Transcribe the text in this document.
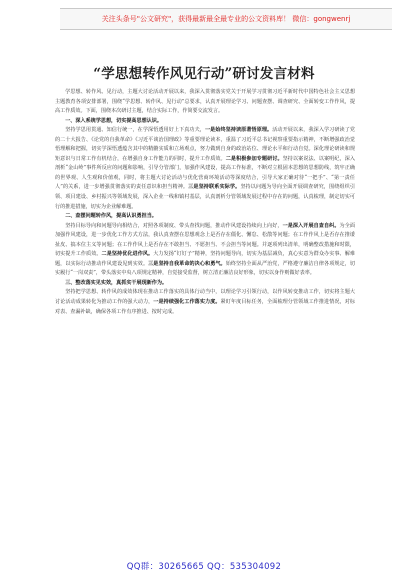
关注头条号"公文研究"，获得最新最全最专业的公文资料库！ 微信：gongwenrj
“学思想转作风见行动”研讨发言材料

学思想、转作风、见行动，主题大讨论活动开展以来，我深入贯彻落实党关于开展学习贯彻习近平新时代中国特色社会主义思想主题教育各项安排部署，围绕“学思想、转作风、见行动”总要求，认真开展理论学习、问题查摆、调查研究、全面转变工作作风，提高工作质效。下面，围绕本次研讨主题，结合实际工作，作简要交流发言。

一、深入系统学思想，切实提高思想认识。

坚持学思用贯通、知信行统一，在学深悟透用好上下真功夫，一是始终坚持读原著悟原理。活动开展以来，我深入学习研读了党的二十大报告、《论党的自我革命》《习近平谈治国理政》等重要理论读本，重温了习近平总书记视察重要指示精神，不断增强政治觉悟理解和把握，切实学深悟透蕴含其中的精髓实质和立场观点，努力做到自身的政治站位、理论水平和行动自觉。深化理论研读和规矩意识与日常工作有机结合，在增强自身工作能力的同时，提升工作质效。二是积极参加专题研讨。坚持以案说法、以案明纪，深入剖析“金山岭”事件所反应的问题和影响，引导分管部门，加强作风建设，提高工作标准，不断对立根固本思想的思想防线，筑牢正确的世界观、人生观和价值观，同时，将主题大讨论活动与优化营商环境活动等深度结合，引导大家正确对待“一把手”、“第一责任人”的关系，进一步增强贯彻落实的责任意识和担当精神。三是坚持联系实际学。坚持以问题为导向全面开展调查研究，围绕组织引领、项目建设、乡村振兴等领域发展，深入企业一线和镇村基层，认真剖析分管领域发展过程中存在的问题，认真梳理，制定切实可行的推进措施，切实为企业解难题。

二、查摆问题转作风，提高认识勇担当。

坚持目标导向和问题导向相结合，对照各项制度、带头查找问题，推动作风建设持续向上向好，一是深入开展自查自纠。为全面加强作风建设，进一步优化工作方式方法，我认真查摆在思想观念上是否存在僵化、懈怠、松散等问题；在工作作风上是否存在推诿扯皮、搞本位主义等问题；在工作作风上是否存在不敢担当、不愿担当、不会担当等问题。并逐项列出清单，明确整改措施和时限，切实提升工作质效。二是坚持优化进作风。大力发扬“钉钉子”精神，坚持问题导向，切实为基层减负，真心实意为群众办实事、解难题，以实际行动推动作风建设见到实效。三是坚持自我革命的决心和勇气。始终坚持全面从严治党，严格遵守廉洁自律各项规定，切实履行“一岗双责”，带头落实中央八项规定精神，自觉接受监督，树立清正廉洁良好形象，切实以身作则做好表率。

三、整改落实见实效，真抓实干展现新作为。

坚持把学思想、转作风的成效体现在推动工作落实的具体行动当中，以理论学习引领行动，以作风转变推动工作，切实将主题大讨论活动成果转化为推动工作的强大动力，一是持续强化工作落实力度。紧盯年度目标任务，全面梳理分管领域工作推进情况，对标对表、查漏补缺，确保各项工作有序推进、按时完成。

QQ群：30265665 QQ：535304092
